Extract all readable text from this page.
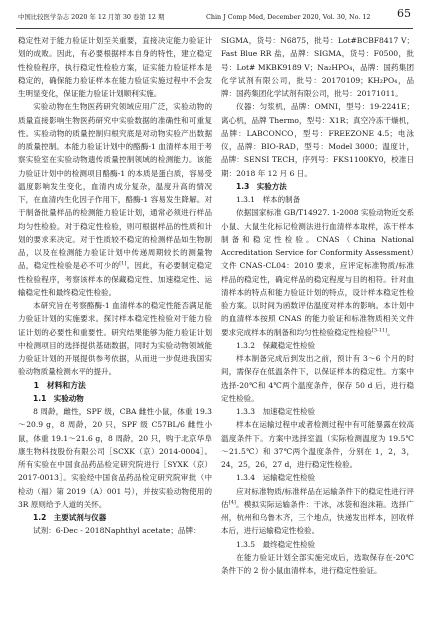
中国比较医学杂志 2020 年 12 月第 30 卷第 12 期	Chin J Comp Med, December 2020, Vol. 30, No. 12 65

稳定性对于能力验证计划至关重要，直接决定能力验证计划的成败。因此，有必要根据样本自身的特性，建立稳定性检验程序，执行稳定性检验方案，证实能力验证样本是稳定的，确保能力验证样本在能力验证实施过程中不会发生明显变化，保证能力验证计划顺利实施。

实验动物在生物医药研究领域应用广泛，实验动物的质量直接影响生物医药研究中实验数据的准确性和可重复性。实验动物的质量控制归根究底是对动物实验产出数据的质量控制。本能力验证计划中的酪酶-1 血清样本用于考察实验室在实验动物遗传质量控制领域的检测能力。该能力验证计划中的检测项目酪酶-1 的本质是蛋白质，容易受温度影响发生变化，血清内成分复杂，温度升高的情况下，在血清内生化因子作用下，酪酶-1 容易发生降解。对于制备批量样品的检测能力验证计划，通常必须进行样品均匀性检验。对于稳定性检验，则可根据样品的性质和计划的要求来决定。对于性质较不稳定的检测样品如生物制品，以及在检测能力验证计划中传递周期较长的测量物品，稳定性检验是必不可少的[1]。因此，有必要制定稳定性检验程序，考察该样本的保藏稳定性、加速稳定性、运输稳定性和最终稳定性检验。

本研究旨在考察酪酶-1 血清样本的稳定性能否满足能力验证计划的实施要求。探讨样本稳定性检验对于能力验证计划的必要性和重要性。研究结果能够为能力验证计划中检测项目的选择提供基础数据，同时为实验动物领域能力验证计划的开展提供参考依据，从而进一步促进我国实验动物质量检测水平的提升。

1　材料和方法

1.1　实验动物

8 周龄，雌性，SPF 级，CBA 雌性小鼠，体重 19.3～20.9 g，8 周龄，20 只，SPF 级 C57BL/6 雌性小鼠，体重 19.1～21.6 g，8 周龄，20 只，购于北京华阜康生物科技股份有限公司［SCXK（京）2014-0004］。所有实验在中国食品药品检定研究院进行［SYXK（京）2017-0013］。实验经中国食品药品检定研究院审批（中检动（福）第 2019（A）001 号），并按实验动物使用的 3R 原则给予人道的关怀。

1.2　主要试剂与仪器

试剂：6-Dec - 2018Naphthyl acetate；品牌：

SIGMA，货号：N6875，批号：Lot#BCBF8417 V；Fast Blue RR 盐，品牌：SIGMA，货号：F0500，批号：Lot# MKBK9189 V；Na₂HPO₄，品牌：国药集团化学试剂有限公司，批号：20170109；KH₂PO₄，品牌：国药集团化学试剂有限公司，批号：20171011。

仪器：匀浆机，品牌：OMNI，型号：19-2241E；离心机，品牌 Thermo，型号：X1R；真空冷冻干燥机，品牌：LABCONCO，型号：FREEZONE 4.5；电泳仪，品牌：BIO-RAD，型号：Model 3000；温度计，品牌：SENSI TECH，序列号：FKS1100KY0，校准日期：2018 年 12 月 6 日。

1.3　实验方法

1.3.1　样本的制备

依据国家标准 GB/T14927. 1-2008 实验动物近交系小鼠、大鼠生化标记检测法进行血清样本取样，冻干样本制备和稳定性检验。CNAS（China National Accreditation Service for Conformity Assessment）文件 CNAS-CL04：2010 要求，应评定标准物质/标准样品的稳定性，确定样品的稳定程度与目的相符。针对血清样本的特点和能力验证计划的特点，设计样本稳定性检验方案。以时间为函数评估温度对样本的影响。本计划中的血清样本按照 CNAS 的能力验证和标准物质相关文件要求完成样本的制备和均匀性检验稳定性检验[3-11]。

1.3.2　保藏稳定性检验

样本制备完成后到发出之前，预计有 3～6 个月的时间，需保存在低温条件下，以保证样本的稳定性。方案中选择-20℃和 4℃两个温度条件，保存 50 d 后，进行稳定性检验。

1.3.3　加速稳定性检验

样本在运输过程中或者检测过程中有可能暴露在较高温度条件下。方案中选择室温（实际检测温度为 19.5℃～21.5℃）和 37℃两个温度条件，分别在 1，2，3，24，25，26，27 d，进行稳定性检验。

1.3.4　运输稳定性检验

应对标准物质/标准样品在运输条件下的稳定性进行评估[4]。模拟实际运输条件：干冰，冰袋和泡沫箱。选择广州，杭州和乌鲁木齐，三个地点，快递发出样本，回收样本后，进行运输稳定性检验。

1.3.5　最终稳定性检验

在能力验证计划全部实施完成后，选取保存在-20℃条件下的 2 份小鼠血清样本，进行稳定性验证。
